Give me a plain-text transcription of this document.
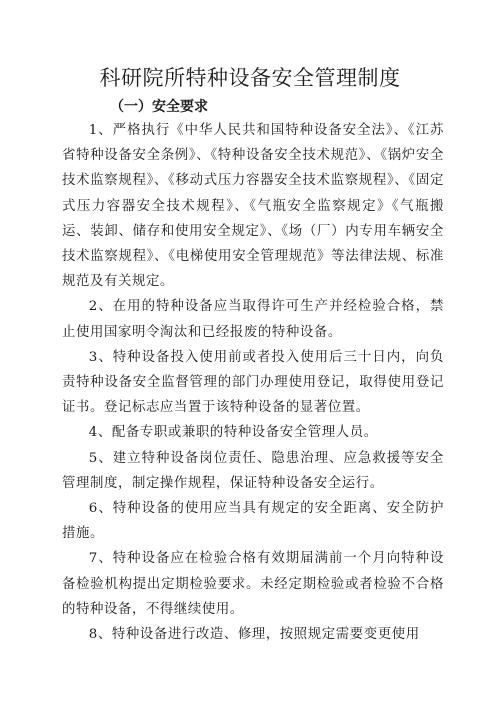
科研院所特种设备安全管理制度
（一）安全要求

1、严格执行《中华人民共和国特种设备安全法》、《江苏省特种设备安全条例》、《特种设备安全技术规范》、《锅炉安全技术监察规程》、《移动式压力容器安全技术监察规程》、《固定式压力容器安全技术规程》、《气瓶安全监察规定》《气瓶搬运、装卸、储存和使用安全规定》、《场（厂）内专用车辆安全技术监察规程》、《电梯使用安全管理规范》等法律法规、标准规范及有关规定。

2、在用的特种设备应当取得许可生产并经检验合格，禁止使用国家明令淘汰和已经报废的特种设备。

3、特种设备投入使用前或者投入使用后三十日内，向负责特种设备安全监督管理的部门办理使用登记，取得使用登记证书。登记标志应当置于该特种设备的显著位置。

4、配备专职或兼职的特种设备安全管理人员。

5、建立特种设备岗位责任、隐患治理、应急救援等安全管理制度，制定操作规程，保证特种设备安全运行。

6、特种设备的使用应当具有规定的安全距离、安全防护措施。

7、特种设备应在检验合格有效期届满前一个月向特种设备检验机构提出定期检验要求。未经定期检验或者检验不合格的特种设备，不得继续使用。

8、特种设备进行改造、修理，按照规定需要变更使用
